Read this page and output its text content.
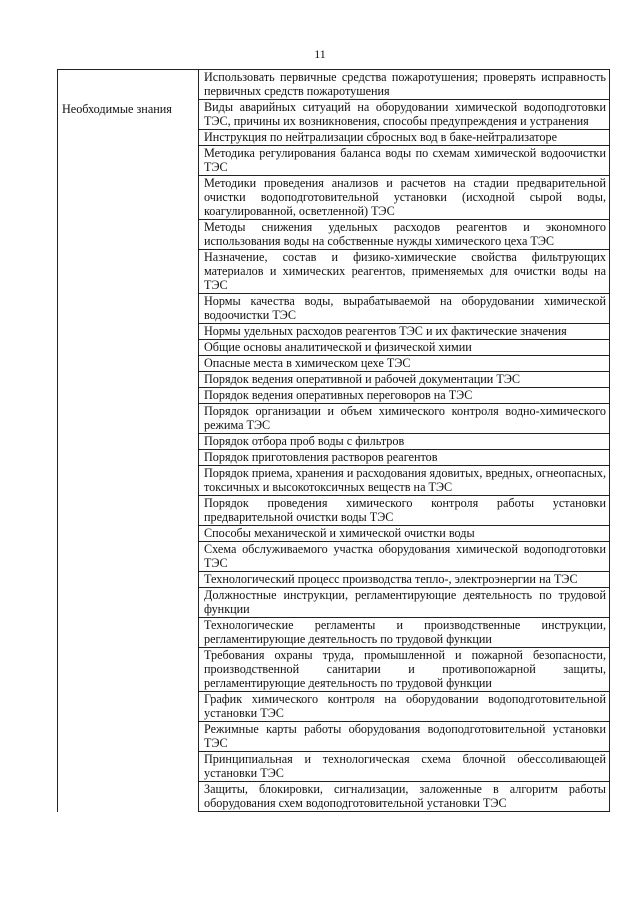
11
Использовать первичные средства пожаротушения; проверять исправность первичных средств пожаротушения
Необходимые знания	Виды аварийных ситуаций на оборудовании химической водоподготовки ТЭС, причины их возникновения, способы предупреждения и устранения
Инструкция по нейтрализации сбросных вод в баке-нейтрализаторе
Методика регулирования баланса воды по схемам химической водоочистки ТЭС
Методики проведения анализов и расчетов на стадии предварительной очистки водоподготовительной установки (исходной сырой воды, коагулированной, осветленной) ТЭС
Методы снижения удельных расходов реагентов и экономного использования воды на собственные нужды химического цеха ТЭС
Назначение, состав и физико-химические свойства фильтрующих материалов и химических реагентов, применяемых для очистки воды на ТЭС
Нормы качества воды, вырабатываемой на оборудовании химической водоочистки ТЭС
Нормы удельных расходов реагентов ТЭС и их фактические значения
Общие основы аналитической и физической химии
Опасные места в химическом цехе ТЭС
Порядок ведения оперативной и рабочей документации ТЭС
Порядок ведения оперативных переговоров на ТЭС
Порядок организации и объем химического контроля водно-химического режима ТЭС
Порядок отбора проб воды с фильтров
Порядок приготовления растворов реагентов
Порядок приема, хранения и расходования ядовитых, вредных, огнеопасных, токсичных и высокотоксичных веществ на ТЭС
Порядок проведения химического контроля работы установки предварительной очистки воды ТЭС
Способы механической и химической очистки воды
Схема обслуживаемого участка оборудования химической водоподготовки ТЭС
Технологический процесс производства тепло-, электроэнергии на ТЭС
Должностные инструкции, регламентирующие деятельность по трудовой функции
Технологические регламенты и производственные инструкции, регламентирующие деятельность по трудовой функции
Требования охраны труда, промышленной и пожарной безопасности, производственной санитарии и противопожарной защиты, регламентирующие деятельность по трудовой функции
График химического контроля на оборудовании водоподготовительной установки ТЭС
Режимные карты работы оборудования водоподготовительной установки ТЭС
Принципиальная и технологическая схема блочной обессоливающей установки ТЭС
Защиты, блокировки, сигнализации, заложенные в алгоритм работы оборудования схем водоподготовительной установки ТЭС
